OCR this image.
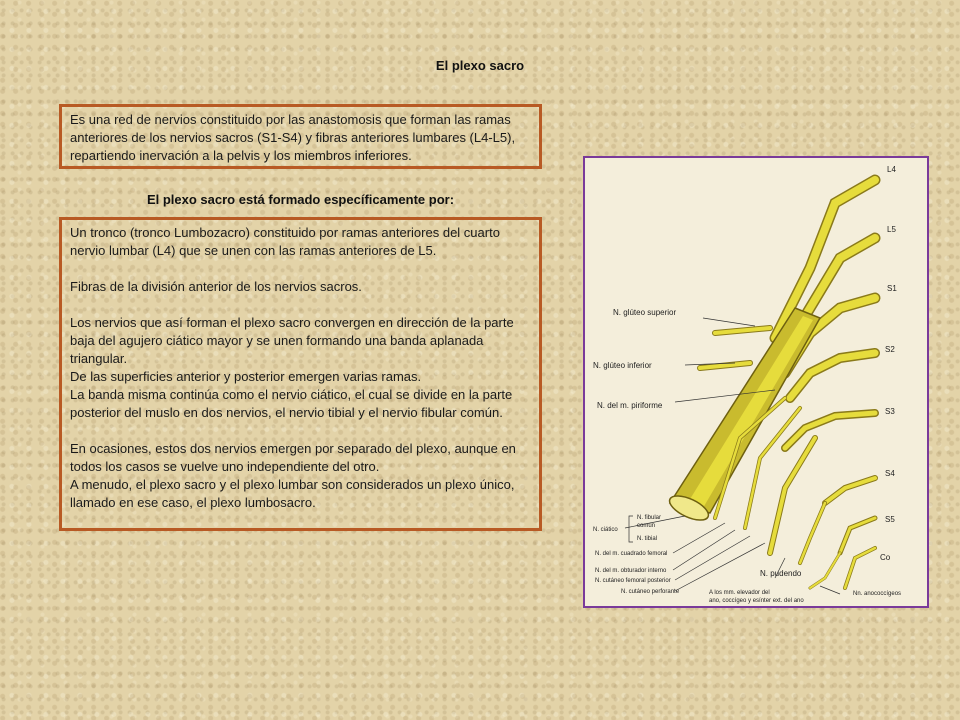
El plexo sacro
Es una red de nervios constituido por las anastomosis que forman las ramas anteriores de los nervios sacros (S1-S4) y fibras anteriores lumbares (L4-L5), repartiendo inervación a la pelvis y los miembros inferiores.
El plexo sacro está formado específicamente por:

Un tronco (tronco Lumbozacro) constituido por ramas anteriores del cuarto nervio lumbar (L4) que se unen con las ramas anteriores de L5.

Fibras de la división anterior de los nervios sacros.

Los nervios que así forman el plexo sacro convergen en dirección de la parte baja del agujero ciático mayor y se unen formando una banda aplanada triangular.

De las superficies anterior y posterior emergen varias ramas.

La banda misma continúa como el nervio ciático, el cual se divide en la parte posterior del muslo en dos nervios, el nervio tibial y el nervio fibular común.

En ocasiones, estos dos nervios emergen por separado del plexo, aunque en todos los casos se vuelve uno independiente del otro.

A menudo, el plexo sacro y el plexo lumbar son considerados un plexo único, llamado en ese caso, el plexo lumbosacro.

L4
L5
S1
S2
S3
S4
S5
Co
N. glúteo superior
N. glúteo inferior
N. del m. piriforme
N. fibular
común
N. ciático
N. tibial
N. del m. cuadrado femoral
N. del m. obturador interno
N. cutáneo femoral posterior
N. cutáneo perforante	A los mm. elevador del
ano, coccígeo y esínter ext. del ano
Nn. anococcígeos
N. pudendo
